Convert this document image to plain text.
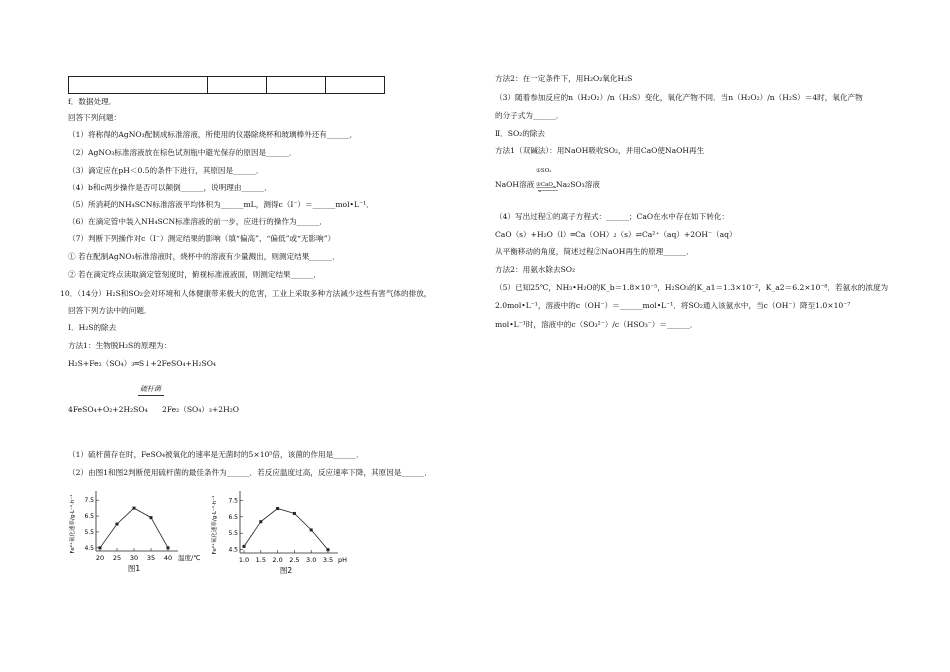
f．数据处理．
回答下列问题：
（1）将称得的AgNO₃配制成标准溶液，所使用的仪器除烧杯和玻璃棒外还有______．
（2）AgNO₃标准溶液放在棕色试剂瓶中避光保存的原因是______．
（3）滴定应在pH＜0.5的条件下进行，其原因是______．
（4）b和c两步操作是否可以颠倒______，说明理由______．
（5）所消耗的NH₄SCN标准溶液平均体积为______mL，测得c（I⁻）＝______mol•L⁻¹．
（6）在滴定管中装入NH₄SCN标准溶液的前一步，应进行的操作为______．
（7）判断下列操作对c（I⁻）测定结果的影响（填“偏高”、“偏低”或“无影响”）
① 若在配制AgNO₃标准溶液时，烧杯中的溶液有少量溅出，则测定结果______．
② 若在滴定终点读取滴定管刻度时，俯视标准液液面，则测定结果______．
10．（14分）H₂S和SO₂会对环境和人体健康带来极大的危害，工业上采取多种方法减少这些有害气体的排放，
回答下列方法中的问题．
Ⅰ．H₂S的除去
方法1：生物脱H₂S的原理为：
H₂S+Fe₂（SO₄）₃═S↓+2FeSO₄+H₂SO₄
硫杆菌
4FeSO₄+O₂+2H₂SO₄ 2Fe₂（SO₄）₃+2H₂O
（1）硫杆菌存在时，FeSO₄被氧化的速率是无菌时的5×10⁵倍，该菌的作用是______．
（2）由图1和图2判断使用硫杆菌的最佳条件为______．若反应温度过高，反应速率下降，其原因是______．
4.5
5.5
6.5
7.5
20 25 30 35 40 温度/℃
Fe²⁺氧化速率/g·L⁻¹·h⁻¹
图1
4.5
5.5
6.5
7.5
1.0 1.5 2.0 2.5 3.0 3.5 pH
Fe²⁺氧化速率/g·L⁻¹·h⁻¹
图2
方法2：在一定条件下，用H₂O₂氧化H₂S
（3）随着参加反应的n（H₂O₂）/n（H₂S）变化，氧化产物不同．当n（H₂O₂）/n（H₂S）＝4时，氧化产物
的分子式为______．
Ⅱ．SO₂的除去
方法1（双碱法）：用NaOH吸收SO₂，并用CaO使NaOH再生
NaOH溶液
①SO₂
②CaO Na₂SO₃溶液
（4）写出过程①的离子方程式：______；CaO在水中存在如下转化：
CaO（s）+H₂O（l）═Ca（OH）₂（s）⇌Ca²⁺（aq）+2OH⁻（aq）
从平衡移动的角度，简述过程②NaOH再生的原理______．
方法2：用氨水除去SO₂
（5）已知25℃，NH₃•H₂O的K_b＝1.8×10⁻⁵，H₂SO₃的K_a1＝1.3×10⁻²，K_a2＝6.2×10⁻⁸．若氨水的浓度为
2.0mol•L⁻¹，溶液中的c（OH⁻）＝______mol•L⁻¹．将SO₂通入该氨水中，当c（OH⁻）降至1.0×10⁻⁷
mol•L⁻¹时，溶液中的c（SO₃²⁻）/c（HSO₃⁻）＝______．
